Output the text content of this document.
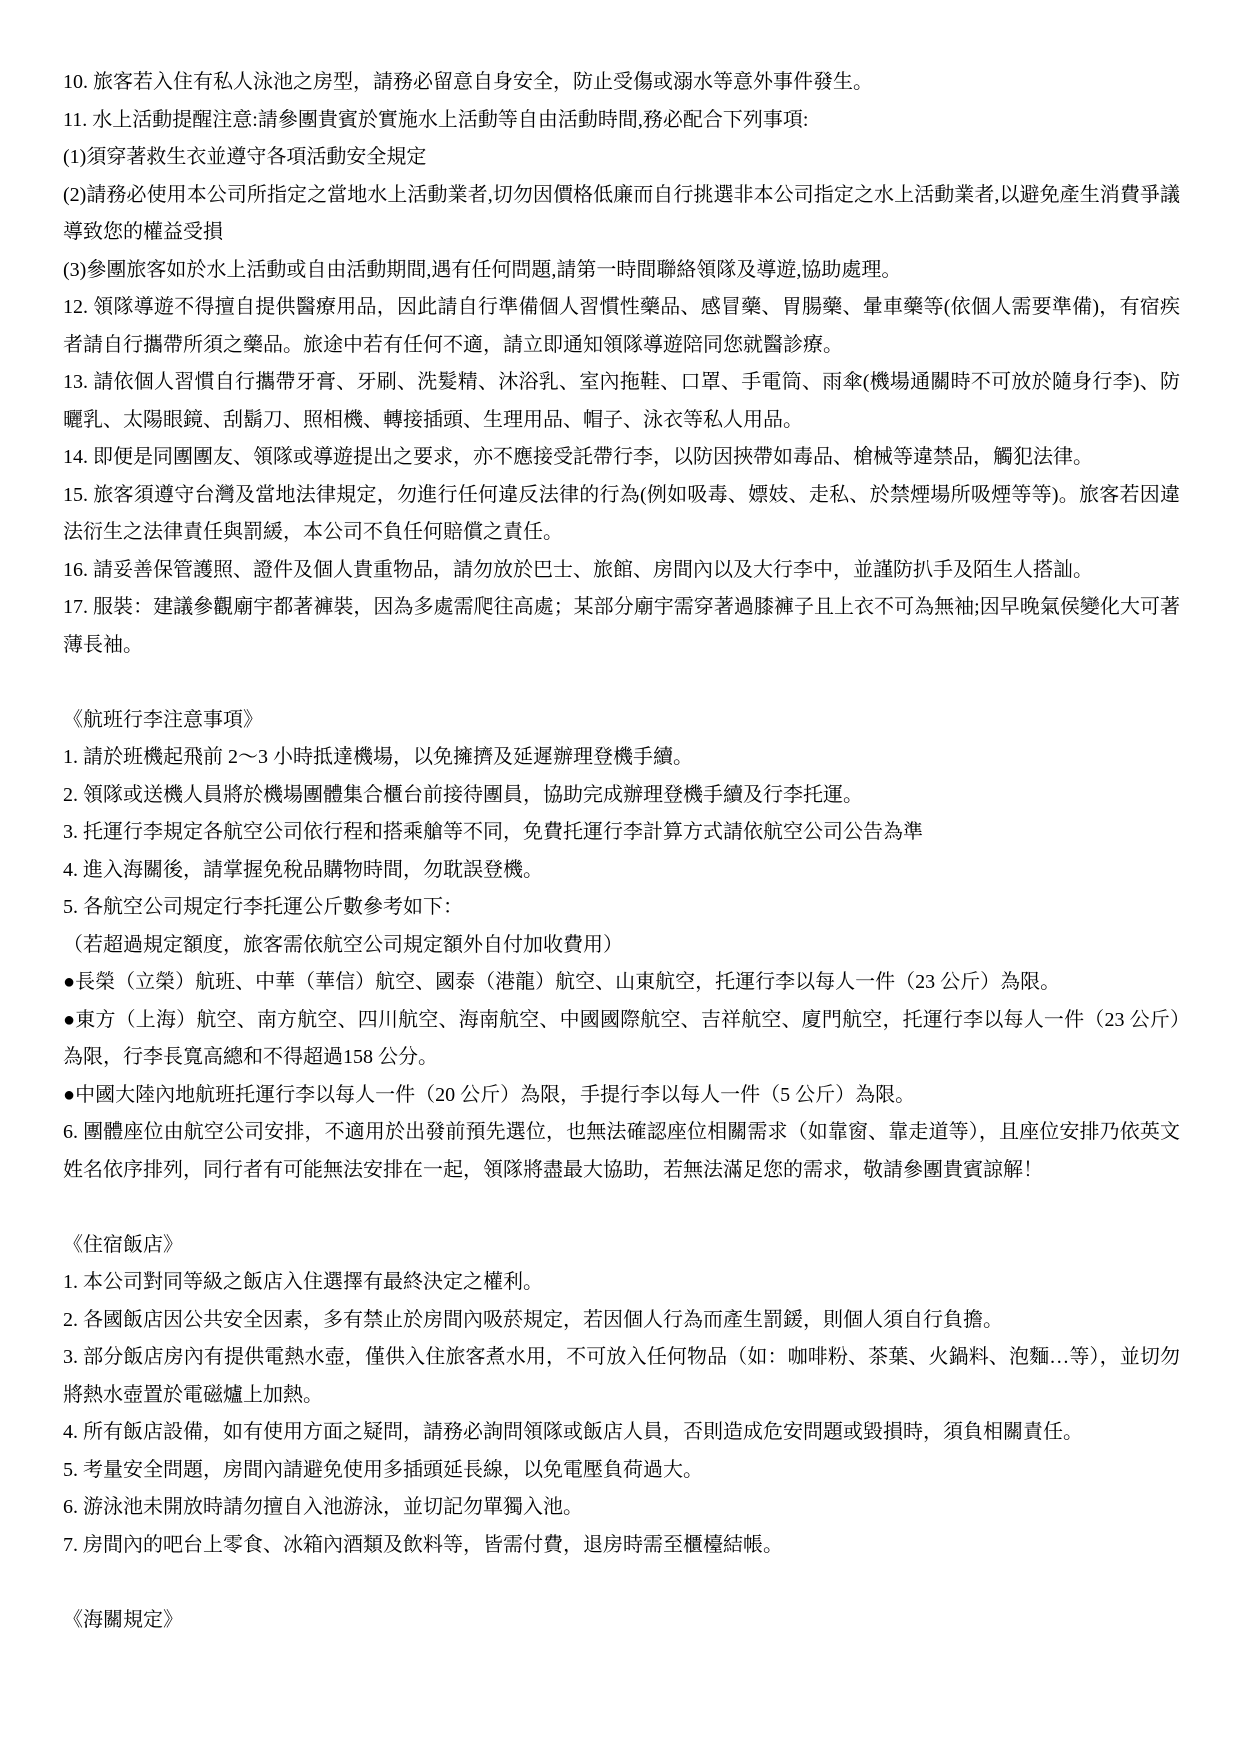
10. 旅客若入住有私人泳池之房型，請務必留意自身安全，防止受傷或溺水等意外事件發生。

11. 水上活動提醒注意:請參團貴賓於實施水上活動等自由活動時間,務必配合下列事項:

(1)須穿著救生衣並遵守各項活動安全規定

(2)請務必使用本公司所指定之當地水上活動業者,切勿因價格低廉而自行挑選非本公司指定之水上活動業者,以避免產生消費爭議導致您的權益受損

(3)參團旅客如於水上活動或自由活動期間,遇有任何問題,請第一時間聯絡領隊及導遊,協助處理。

12. 領隊導遊不得擅自提供醫療用品，因此請自行準備個人習慣性藥品、感冒藥、胃腸藥、暈車藥等(依個人需要準備)，有宿疾者請自行攜帶所須之藥品。旅途中若有任何不適，請立即通知領隊導遊陪同您就醫診療。

13. 請依個人習慣自行攜帶牙膏、牙刷、洗髮精、沐浴乳、室內拖鞋、口罩、手電筒、雨傘(機場通關時不可放於隨身行李)、防曬乳、太陽眼鏡、刮鬍刀、照相機、轉接插頭、生理用品、帽子、泳衣等私人用品。

14. 即便是同團團友、領隊或導遊提出之要求，亦不應接受託帶行李，以防因挾帶如毒品、槍械等違禁品，觸犯法律。

15. 旅客須遵守台灣及當地法律規定，勿進行任何違反法律的行為(例如吸毒、嫖妓、走私、於禁煙場所吸煙等等)。旅客若因違法衍生之法律責任與罰緩，本公司不負任何賠償之責任。

16. 請妥善保管護照、證件及個人貴重物品，請勿放於巴士、旅館、房間內以及大行李中，並謹防扒手及陌生人搭訕。

17. 服裝：建議參觀廟宇都著褲裝，因為多處需爬往高處；某部分廟宇需穿著過膝褲子且上衣不可為無袖;因早晚氣侯變化大可著薄長袖。

《航班行李注意事項》

1. 請於班機起飛前 2～3 小時抵達機場，以免擁擠及延遲辦理登機手續。

2. 領隊或送機人員將於機場團體集合櫃台前接待團員，協助完成辦理登機手續及行李托運。

3. 托運行李規定各航空公司依行程和搭乘艙等不同，免費托運行李計算方式請依航空公司公告為準

4. 進入海關後，請掌握免稅品購物時間，勿耽誤登機。

5. 各航空公司規定行李托運公斤數參考如下：

（若超過規定額度，旅客需依航空公司規定額外自付加收費用）

●長榮（立榮）航班、中華（華信）航空、國泰（港龍）航空、山東航空，托運行李以每人一件（23 公斤）為限。

●東方（上海）航空、南方航空、四川航空、海南航空、中國國際航空、吉祥航空、廈門航空，托運行李以每人一件（23 公斤）為限，行李長寬高總和不得超過158 公分。

●中國大陸內地航班托運行李以每人一件（20 公斤）為限，手提行李以每人一件（5 公斤）為限。

6. 團體座位由航空公司安排，不適用於出發前預先選位，也無法確認座位相關需求（如靠窗、靠走道等），且座位安排乃依英文姓名依序排列，同行者有可能無法安排在一起，領隊將盡最大協助，若無法滿足您的需求，敬請參團貴賓諒解！

《住宿飯店》

1. 本公司對同等級之飯店入住選擇有最終決定之權利。

2. 各國飯店因公共安全因素，多有禁止於房間內吸菸規定，若因個人行為而產生罰鍰，則個人須自行負擔。

3. 部分飯店房內有提供電熱水壺，僅供入住旅客煮水用，不可放入任何物品（如：咖啡粉、茶葉、火鍋料、泡麵…等），並切勿將熱水壺置於電磁爐上加熱。

4. 所有飯店設備，如有使用方面之疑問，請務必詢問領隊或飯店人員，否則造成危安問題或毀損時，須負相關責任。

5. 考量安全問題，房間內請避免使用多插頭延長線，以免電壓負荷過大。

6. 游泳池未開放時請勿擅自入池游泳，並切記勿單獨入池。

7. 房間內的吧台上零食、冰箱內酒類及飲料等，皆需付費，退房時需至櫃檯結帳。

《海關規定》
